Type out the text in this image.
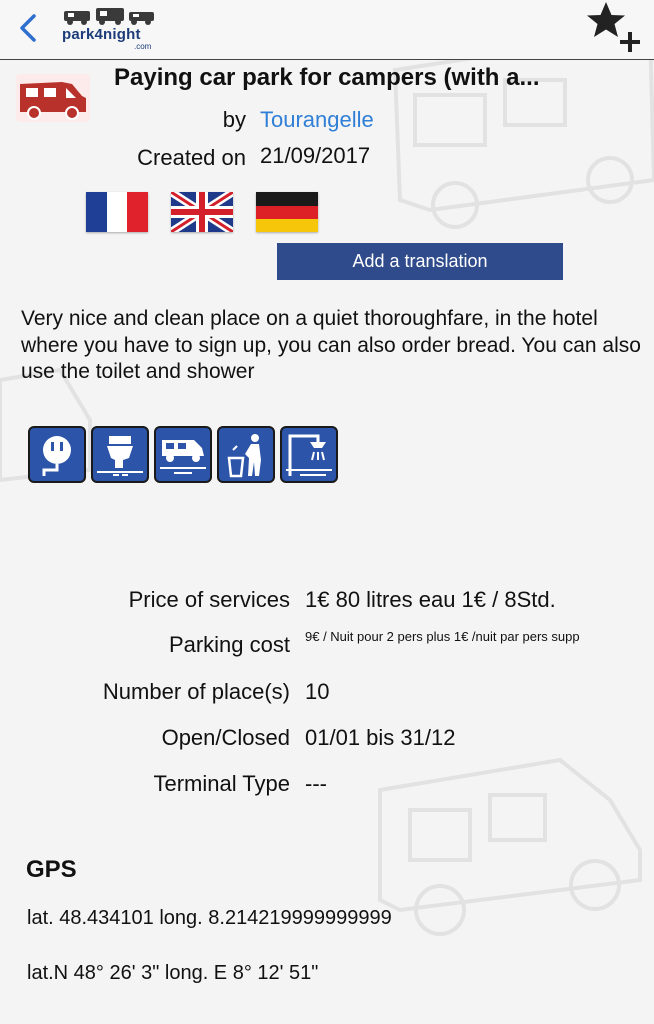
park4night
.com
Paying car park for campers (with a...
by Tourangelle
Created on 21/09/2017
Add a translation
Very nice and clean place on a quiet thoroughfare, in the hotel where you have to sign up, you can also order bread. You can also use the toilet and shower
Price of services 1€ 80 litres eau 1€ / 8Std.
Parking cost 9€ / Nuit pour 2 pers plus 1€ /nuit par pers supp
Number of place(s) 10
Open/Closed 01/01 bis 31/12
Terminal Type ---
GPS
lat. 48.434101 long. 8.214219999999999
lat.N 48° 26' 3" long. E 8° 12' 51"
